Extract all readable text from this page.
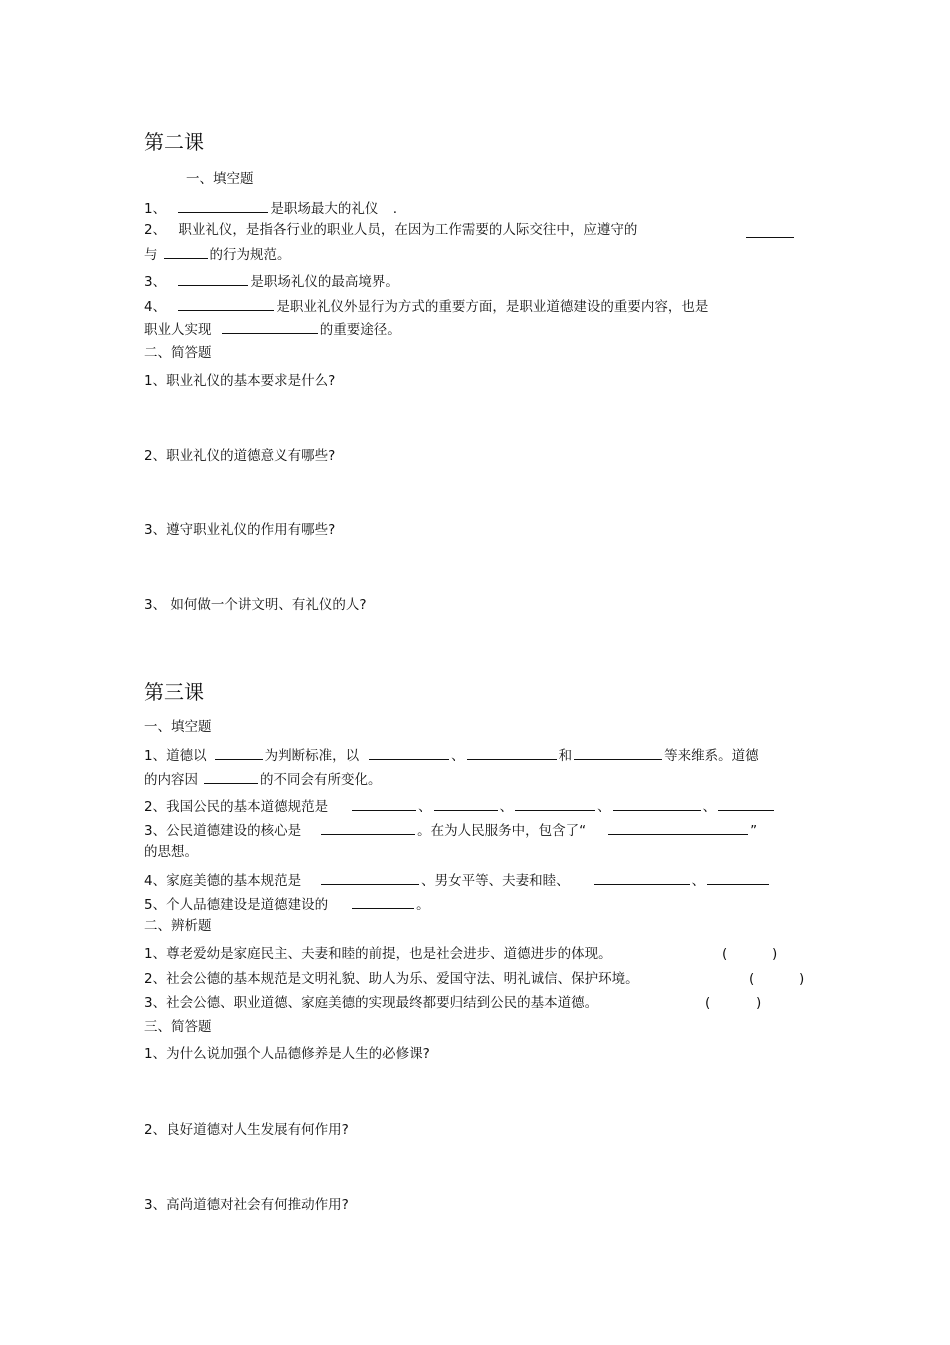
第二课
一、填空题
1、	是职场最大的礼仪 .
2、 职业礼仪，是指各行业的职业人员，在因为工作需要的人际交往中，应遵守的
与	的行为规范。
3、	是职场礼仪的最高境界。
4、	是职业礼仪外显行为方式的重要方面，是职业道德建设的重要内容，也是
职业人实现	的重要途径。
二、简答题
1、职业礼仪的基本要求是什么?
2、职业礼仪的道德意义有哪些?
3、遵守职业礼仪的作用有哪些?
3、 如何做一个讲文明、有礼仪的人?
第三课
一、填空题
1、道德以	为判断标准，以	、	和	等来维系。道德
的内容因	的不同会有所变化。
2、我国公民的基本道德规范是	、	、	、	、
3、公民道德建设的核心是	。在为人民服务中，包含了“	”
的思想。
4、家庭美德的基本规范是	、男女平等、夫妻和睦、	、
5、个人品德建设是道德建设的	。
二、辨析题
1、尊老爱幼是家庭民主、夫妻和睦的前提，也是社会进步、道德进步的体现。	(	)
2、社会公德的基本规范是文明礼貌、助人为乐、爱国守法、明礼诚信、保护环境。	(	)
3、社会公德、职业道德、家庭美德的实现最终都要归结到公民的基本道德。	(	)
三、简答题
1、为什么说加强个人品德修养是人生的必修课?
2、良好道德对人生发展有何作用?
3、高尚道德对社会有何推动作用?
